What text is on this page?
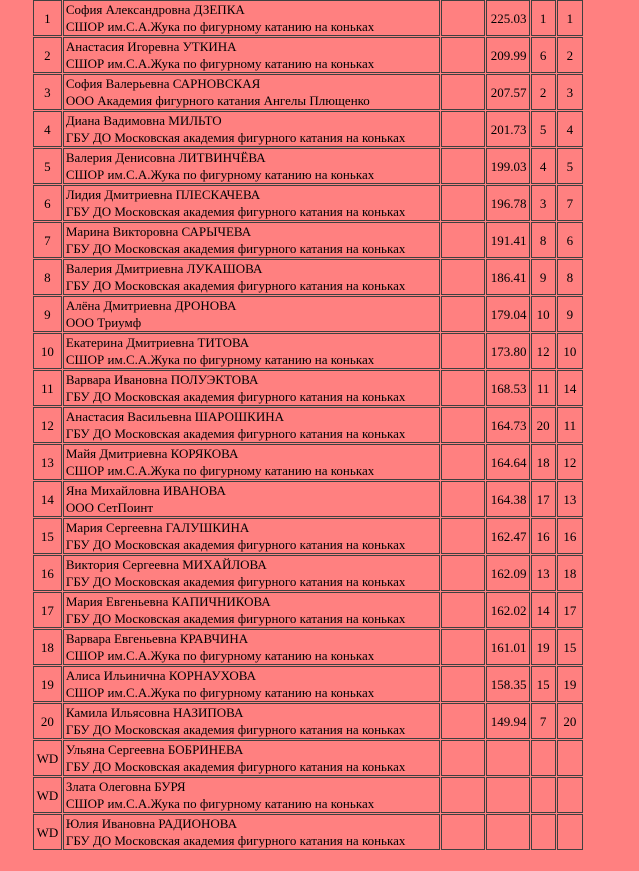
1	София Александровна ДЗЕПКА
СШОР им.С.А.Жука по фигурному катанию на коньках		225.03	1	1
2	Анастасия Игоревна УТКИНА
СШОР им.С.А.Жука по фигурному катанию на коньках		209.99	6	2
3	София Валерьевна САРНОВСКАЯ
ООО Академия фигурного катания Ангелы Плющенко		207.57	2	3
4	Диана Вадимовна МИЛЬТО
ГБУ ДО Московская академия фигурного катания на коньках		201.73	5	4
5	Валерия Денисовна ЛИТВИНЧЁВА
СШОР им.С.А.Жука по фигурному катанию на коньках		199.03	4	5
6	Лидия Дмитриевна ПЛЕСКАЧЕВА
ГБУ ДО Московская академия фигурного катания на коньках		196.78	3	7
7	Марина Викторовна САРЫЧЕВА
ГБУ ДО Московская академия фигурного катания на коньках		191.41	8	6
8	Валерия Дмитриевна ЛУКАШОВА
ГБУ ДО Московская академия фигурного катания на коньках		186.41	9	8
9	Алёна Дмитриевна ДРОНОВА
ООО Триумф		179.04	10	9
10	Екатерина Дмитриевна ТИТОВА
СШОР им.С.А.Жука по фигурному катанию на коньках		173.80	12	10
11	Варвара Ивановна ПОЛУЭКТОВА
ГБУ ДО Московская академия фигурного катания на коньках		168.53	11	14
12	Анастасия Васильевна ШАРОШКИНА
ГБУ ДО Московская академия фигурного катания на коньках		164.73	20	11
13	Майя Дмитриевна КОРЯКОВА
СШОР им.С.А.Жука по фигурному катанию на коньках		164.64	18	12
14	Яна Михайловна ИВАНОВА
ООО СетПоинт		164.38	17	13
15	Мария Сергеевна ГАЛУШКИНА
ГБУ ДО Московская академия фигурного катания на коньках		162.47	16	16
16	Виктория Сергеевна МИХАЙЛОВА
ГБУ ДО Московская академия фигурного катания на коньках		162.09	13	18
17	Мария Евгеньевна КАПИЧНИКОВА
ГБУ ДО Московская академия фигурного катания на коньках		162.02	14	17
18	Варвара Евгеньевна КРАВЧИНА
СШОР им.С.А.Жука по фигурному катанию на коньках		161.01	19	15
19	Алиса Ильинична КОРНАУХОВА
СШОР им.С.А.Жука по фигурному катанию на коньках		158.35	15	19
20	Камила Ильясовна НАЗИПОВА
ГБУ ДО Московская академия фигурного катания на коньках		149.94	7	20
WD	Ульяна Сергеевна БОБРИНЕВА
ГБУ ДО Московская академия фигурного катания на коньках				

WD	Злата Олеговна БУРЯ
СШОР им.С.А.Жука по фигурному катанию на коньках				

WD	Юлия Ивановна РАДИОНОВА
ГБУ ДО Московская академия фигурного катания на коньках				
